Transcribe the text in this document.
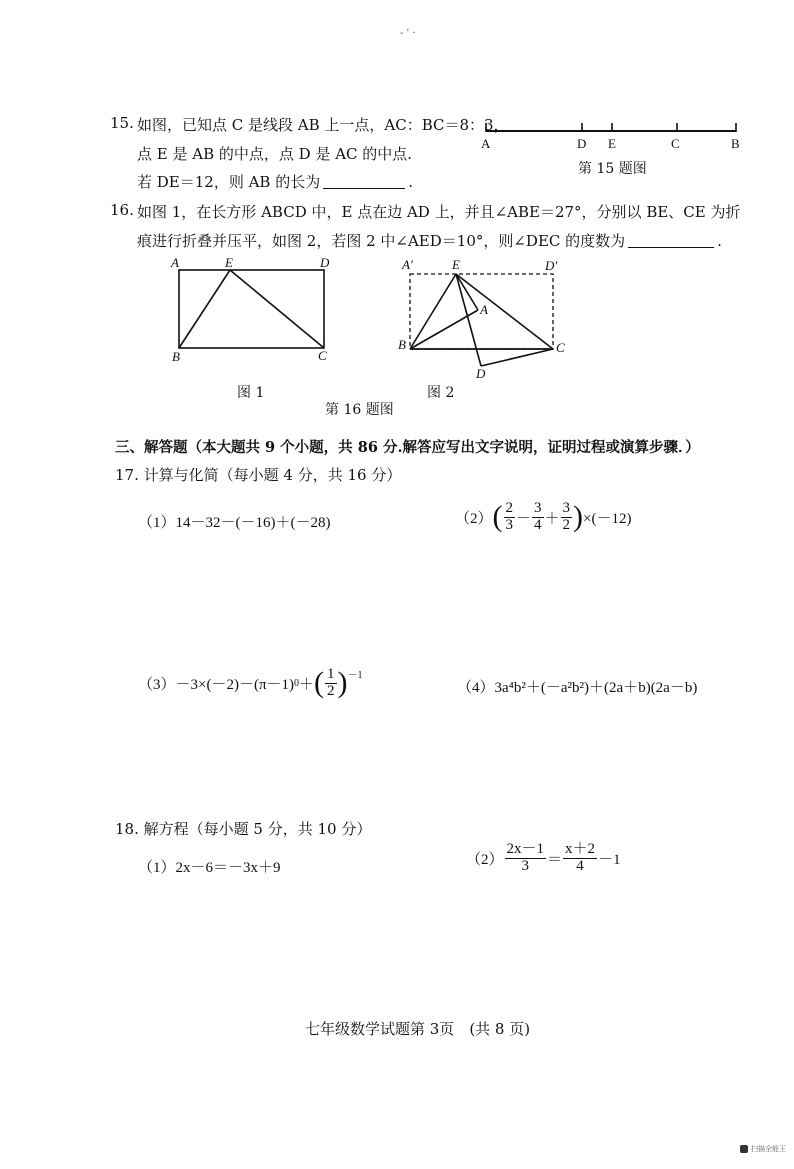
- ' ·
15. 如图，已知点 C 是线段 AB 上一点，AC：BC＝8：3，
点 E 是 AB 的中点，点 D 是 AC 的中点.
若 DE＝12，则 AB 的长为	.
A	D E	C	B
第 15 题图
16. 如图 1，在长方形 ABCD 中，E 点在边 AD 上，并且∠ABE＝27°，分别以 BE、CE 为折
痕进行折叠并压平，如图 2，若图 2 中∠AED＝10°，则∠DEC 的度数为	.
A	E	D
B	C
图 1
A′	E	D′
A
B	C
D
图 2
第 16 题图
三、解答题（本大题共 9 个小题，共 86 分.解答应写出文字说明，证明过程或演算步骤．）
17. 计算与化简（每小题 4 分，共 16 分）
（1）14－32－(－16)＋(－28)	（2） ( $\frac{2}{3} - \frac{3}{4} + \frac{3}{2}$ ) ×(－12)
（3） －3×(－2)－(π－1) 0 ＋ ( $\frac{1}{2} )^{-1}$
（4）3a⁴b²＋(－a²b²)＋(2a＋b)(2a－b)
18. 解方程（每小题 5 分，共 10 分）
（1）2x－6＝－3x＋9
$(2) \frac{2x-1}{3} = \frac{x+2}{4} -1$
七年级数学试题第 3页　(共 8 页)
扫描全能王
